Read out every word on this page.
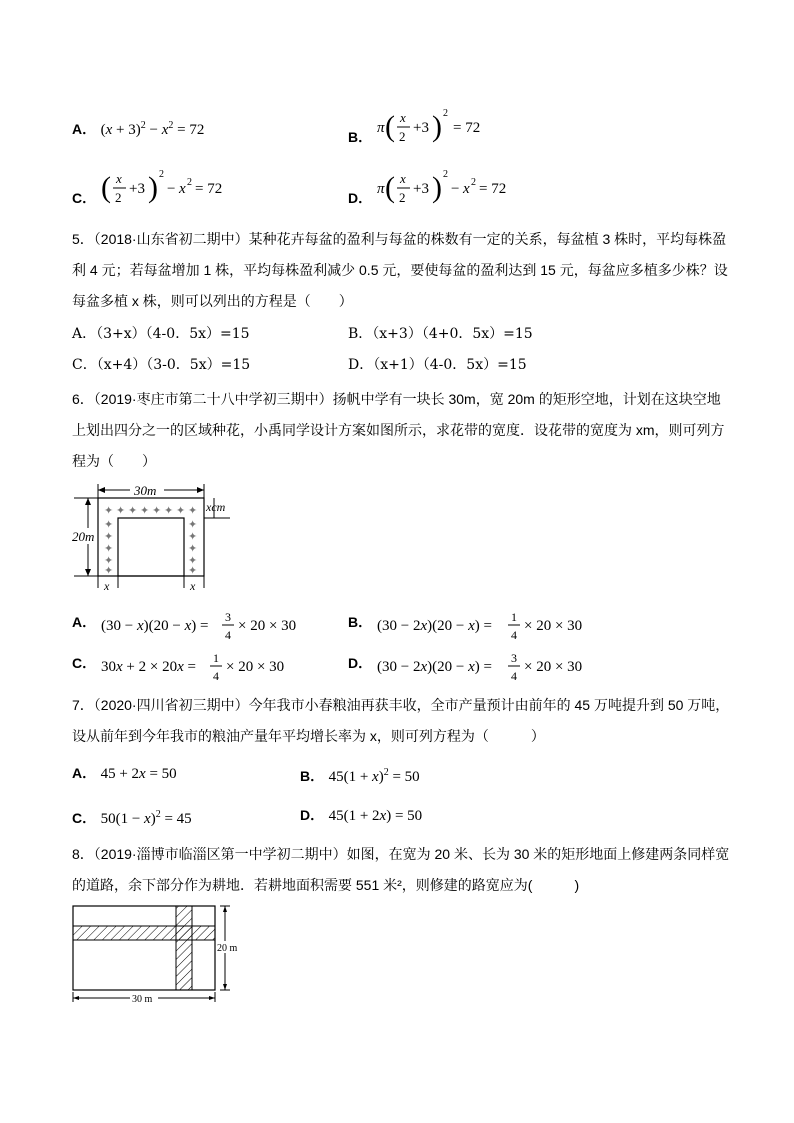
A． $(x + 3)^2 - x^2 = 72$	B．
π ( x
2
+3 ) 2
= 72
C． ( x
2
+3 ) 2
− x 2 = 72
D．
π ( x
2
+3 ) 2
− x 2 = 72
5．（2018·山东省初二期中）某种花卉每盆的盈利与每盆的株数有一定的关系，每盆植 3 株时，平均每株盈
利 4 元；若每盆增加 1 株，平均每株盈利减少 0.5 元，要使每盆的盈利达到 15 元，每盆应多植多少株？设
每盆多植 x 株，则可以列出的方程是（　　）
A．（3+x）（4-0．5x）=15	B．（x+3）（4+0．5x）=15
C．（x+4）（3-0．5x）=15	D．（x+1）（4-0．5x）=15
6．（2019·枣庄市第二十八中学初三期中）扬帆中学有一块长 30m，宽 20m 的矩形空地，计划在这块空地
上划出四分之一的区域种花，小禹同学设计方案如图所示，求花带的宽度．设花带的宽度为 xm，则可列方
程为（　　）
30m
✦ ✦ ✦ ✦ ✦ ✦ ✦ ✦
✦
✦
✦
✦
✦
✦
✦
✦
✦
✦
20m
xcm
x	x
A． (30 − x)(20 − x) =
3
4
× 20 × 30	B． (30 − 2x)(20 − x) =
1
4
× 20 × 30
C． 30x + 2 × 20x =
1
4
× 20 × 30	D． (30 − 2x)(20 − x) =
3
4
× 20 × 30
7．（2020·四川省初三期中）今年我市小春粮油再获丰收，全市产量预计由前年的 45 万吨提升到 50 万吨，
设从前年到今年我市的粮油产量年平均增长率为 x，则可列方程为（　　　）
A． 45 + 2x = 50	B． $45(1 + x)^2 = 50$
C． $50(1 - x)^2 = 45$	D． 45(1 + 2x) = 50
8．（2019·淄博市临淄区第一中学初二期中）如图，在宽为 20 米、长为 30 米的矩形地面上修建两条同样宽
的道路，余下部分作为耕地．若耕地面积需要 551 米²，则修建的路宽应为(　　　)
20 m
30 m
